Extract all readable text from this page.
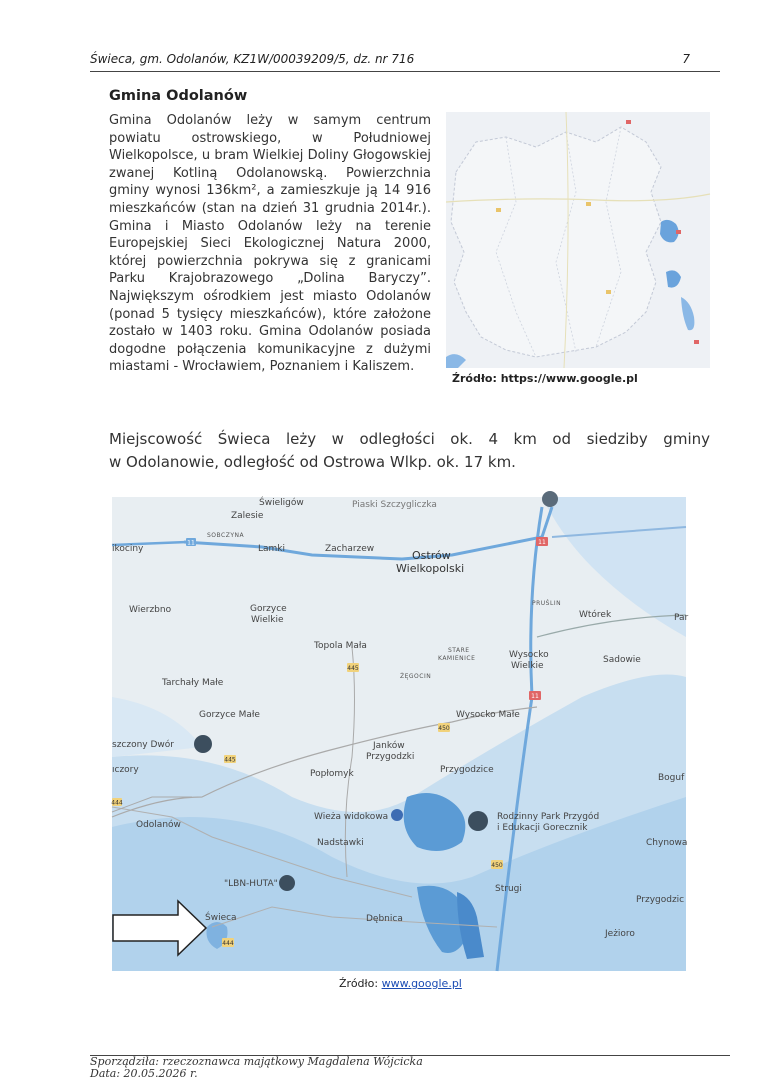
Świeca, gm. Odolanów, KZ1W/00039209/5, dz. nr 716	7
Gmina Odolanów
Gmina Odolanów leży w samym centrum powiatu ostrowskiego, w Południowej Wielkopolsce, u bram Wielkiej Doliny Głogowskiej zwanej Kotliną Odolanowską. Powierzchnia gminy wynosi 136km², a zamieszkuje ją 14 916 mieszkańców (stan na dzień 31 grudnia 2014r.). Gmina i Miasto Odolanów leży na terenie Europejskiej Sieci Ekologicznej Natura 2000, której powierzchnia pokrywa się z granicami Parku Krajobrazowego „Dolina Baryczy”. Największym ośrodkiem jest miasto Odolanów (ponad 5 tysięcy mieszkańców), które założone zostało w 1403 roku. Gmina Odolanów posiada dogodne połączenia komunikacyjne z dużymi miastami - Wrocławiem, Poznaniem i Kaliszem.
Źródło: https://www.google.pl
Miejscowość Świeca leży w odległości ok. 4 km od siedziby gminy
w Odolanowie, odległość od Ostrowa Wlkp. ok. 17 km.
Świeligów
Zalesie
Piaski Szczygliczka
SOBCZYNA
ikociny	Lamki	Zacharzew	Ostrów
Wielkopolski
Wierzbno	Gorzyce
Wielkie
PRUŚLIN
Wtórek	Par
Topola Mała	STARE
KAMIENICE	Wysocko
Wielkie
Sadowie
ŻĘGOCIN
Tarchały Małe
Gorzyce Małe	Wysocko Małe
szczony Dwór	Janków
Przygodzki
ıczory	Popłomyk	Przygodzice
Boguf
Odolanów
Wieża widokowa	Rodzinny Park Przygód
i Edukacji Gorecznik
Chynowa
Nadstawki
"LBN-HUTA"	Strugi
Przygodzic
Świeca	Dębnica
Jeżioro
11	11
445
445
450
450
11
444
444
Źródło: www.google.pl
Sporządziła: rzeczoznawca majątkowy Magdalena Wójcicka
Data: 20.05.2026 r.
